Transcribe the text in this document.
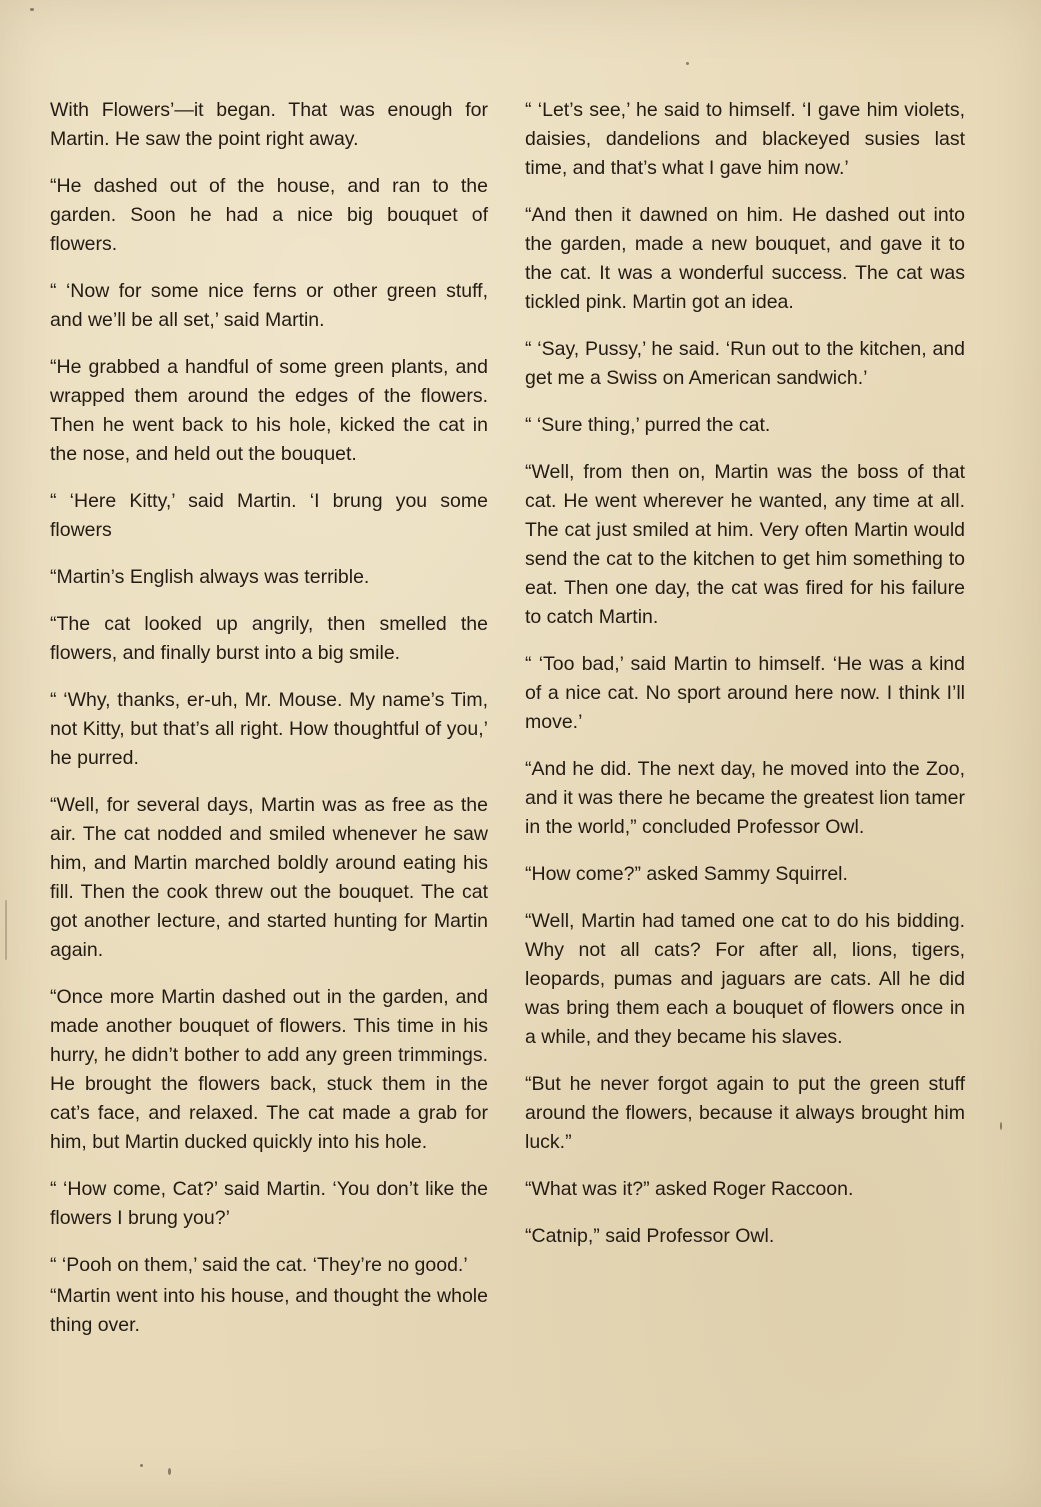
With Flowers’—it began. That was enough for Martin. He saw the point right away.

“He dashed out of the house, and ran to the garden. Soon he had a nice big bouquet of flowers.

“ ‘Now for some nice ferns or other green stuff, and we’ll be all set,’ said Martin.

“He grabbed a handful of some green plants, and wrapped them around the edges of the flowers. Then he went back to his hole, kicked the cat in the nose, and held out the bouquet.

“ ‘Here Kitty,’ said Martin. ‘I brung you some flowers

“Martin’s English always was terrible.

“The cat looked up angrily, then smelled the flowers, and finally burst into a big smile.

“ ‘Why, thanks, er-uh, Mr. Mouse. My name’s Tim, not Kitty, but that’s all right. How thoughtful of you,’ he purred.

“Well, for several days, Martin was as free as the air. The cat nodded and smiled whenever he saw him, and Martin marched boldly around eating his fill. Then the cook threw out the bouquet. The cat got another lecture, and started hunting for Martin again.

“Once more Martin dashed out in the garden, and made another bouquet of flowers. This time in his hurry, he didn’t bother to add any green trimmings. He brought the flowers back, stuck them in the cat’s face, and relaxed. The cat made a grab for him, but Martin ducked quickly into his hole.

“ ‘How come, Cat?’ said Martin. ‘You don’t like the flowers I brung you?’

“ ‘Pooh on them,’ said the cat. ‘They’re no good.’

“Martin went into his house, and thought the whole thing over.

“ ‘Let’s see,’ he said to himself. ‘I gave him violets, daisies, dandelions and blackeyed susies last time, and that’s what I gave him now.’

“And then it dawned on him. He dashed out into the garden, made a new bouquet, and gave it to the cat. It was a wonderful success. The cat was tickled pink. Martin got an idea.

“ ‘Say, Pussy,’ he said. ‘Run out to the kitchen, and get me a Swiss on American sandwich.’

“ ‘Sure thing,’ purred the cat.

“Well, from then on, Martin was the boss of that cat. He went wherever he wanted, any time at all. The cat just smiled at him. Very often Martin would send the cat to the kitchen to get him something to eat. Then one day, the cat was fired for his failure to catch Martin.

“ ‘Too bad,’ said Martin to himself. ‘He was a kind of a nice cat. No sport around here now. I think I’ll move.’

“And he did. The next day, he moved into the Zoo, and it was there he became the greatest lion tamer in the world,” concluded Professor Owl.

“How come?” asked Sammy Squirrel.

“Well, Martin had tamed one cat to do his bidding. Why not all cats? For after all, lions, tigers, leopards, pumas and jaguars are cats. All he did was bring them each a bouquet of flowers once in a while, and they became his slaves.

“But he never forgot again to put the green stuff around the flowers, because it always brought him luck.”

“What was it?” asked Roger Raccoon.

“Catnip,” said Professor Owl.
